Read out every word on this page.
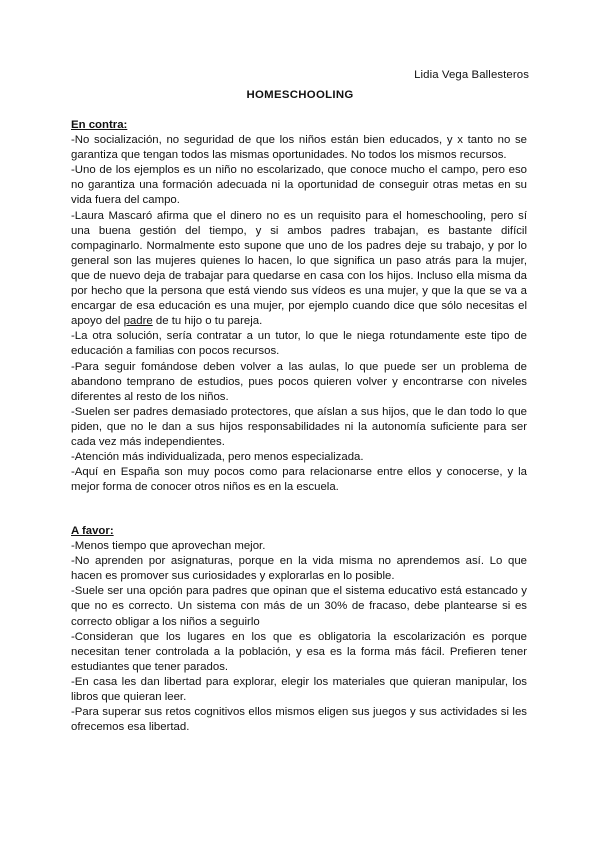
Lidia Vega Ballesteros
HOMESCHOOLING

En contra:

-No socialización, no seguridad de que los niños están bien educados, y x tanto no se garantiza que tengan todos las mismas oportunidades. No todos los mismos recursos.

-Uno de los ejemplos es un niño no escolarizado, que conoce mucho el campo, pero eso no garantiza una formación adecuada ni la oportunidad de conseguir otras metas en su vida fuera del campo.

-Laura Mascaró afirma que el dinero no es un requisito para el homeschooling, pero sí una buena gestión del tiempo, y si ambos padres trabajan, es bastante difícil compaginarlo. Normalmente esto supone que uno de los padres deje su trabajo, y por lo general son las mujeres quienes lo hacen, lo que significa un paso atrás para la mujer, que de nuevo deja de trabajar para quedarse en casa con los hijos. Incluso ella misma da por hecho que la persona que está viendo sus vídeos es una mujer, y que la que se va a encargar de esa educación es una mujer, por ejemplo cuando dice que sólo necesitas el apoyo del padre de tu hijo o tu pareja.

-La otra solución, sería contratar a un tutor, lo que le niega rotundamente este tipo de educación a familias con pocos recursos.

-Para seguir fomándose deben volver a las aulas, lo que puede ser un problema de abandono temprano de estudios, pues pocos quieren volver y encontrarse con niveles diferentes al resto de los niños.

-Suelen ser padres demasiado protectores, que aíslan a sus hijos, que le dan todo lo que piden, que no le dan a sus hijos responsabilidades ni la autonomía suficiente para ser cada vez más independientes.

-Atención más individualizada, pero menos especializada.

-Aquí en España son muy pocos como para relacionarse entre ellos y conocerse, y la mejor forma de conocer otros niños es en la escuela.

A favor:

-Menos tiempo que aprovechan mejor.

-No aprenden por asignaturas, porque en la vida misma no aprendemos así. Lo que hacen es promover sus curiosidades y explorarlas en lo posible.

-Suele ser una opción para padres que opinan que el sistema educativo está estancado y que no es correcto. Un sistema con más de un 30% de fracaso, debe plantearse si es correcto obligar a los niños a seguirlo

-Consideran que los lugares en los que es obligatoria la escolarización es porque necesitan tener controlada a la población, y esa es la forma más fácil. Prefieren tener estudiantes que tener parados.

-En casa les dan libertad para explorar, elegir los materiales que quieran manipular, los libros que quieran leer.

-Para superar sus retos cognitivos ellos mismos eligen sus juegos y sus actividades si les ofrecemos esa libertad.
